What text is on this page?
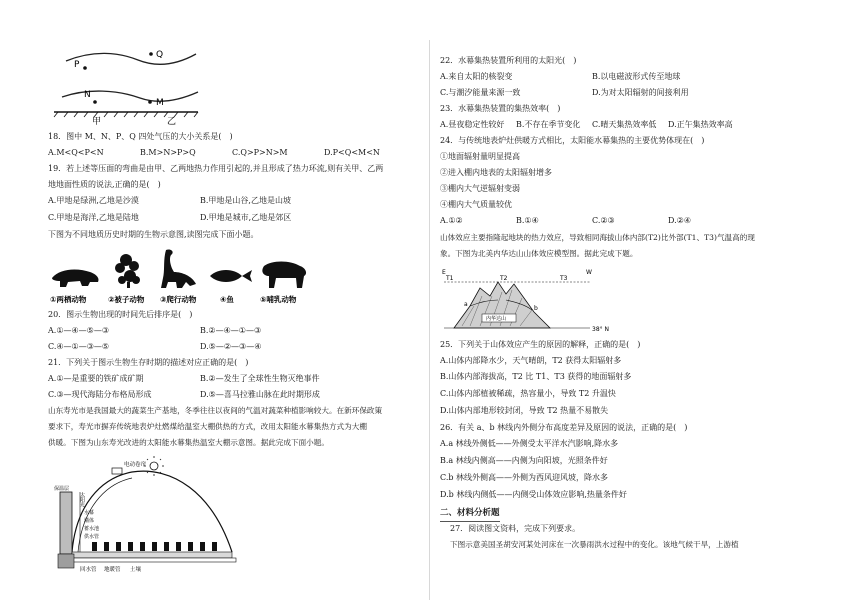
Q
P
N
M
甲	乙
18．图中 M、N、P、Q 四处气压的大小关系是(　)
A.M<Q<P<N	B.M>N>P>Q	C.Q>P>N>M	D.P<Q<M<N
19．若上述等压面的弯曲是由甲、乙两地热力作用引起的,并且形成了热力环流,则有关甲、乙两
地地面性质的说法,正确的是(　)
A.甲地是绿洲,乙地是沙漠	B.甲地是山谷,乙地是山坡
C.甲地是海洋,乙地是陆地	D.甲地是城市,乙地是郊区
下图为不同地质历史时期的生物示意图,读图完成下面小题。
①两栖动物	②被子动物 ③爬行动物	④鱼	⑤哺乳动物
20．图示生物出现的时间先后排序是(　)
A.①—④—⑤—③	B.②—④—①—③
C.④—①—③—⑤	D.⑤—②—③—④
21．下列关于图示生物生存时期的描述对应正确的是(　)
A.①—是重要的铁矿成矿期	B.②—发生了全球性生物灭绝事件
C.③—现代海陆分布格局形成	D.⑤—喜马拉雅山脉在此时期形成
山东寿光市是我国最大的蔬菜生产基地，冬季往往以夜间的气温对蔬菜种植影响较大。在新环保政策
要求下，寿光市摒弃传统地表炉灶燃煤给温室大棚供热的方式，改用太阳能水幕集热方式为大棚
供暖。下图为山东寿光改进的太阳能水幕集热温室大棚示意图。据此完成下面小题。
电动卷帘
太阳光
水幕
墙体
蓄水池
供水管
保温层
回水管 地暖管 土壤
22．水幕集热装置所利用的太阳光(　)
A.来自太阳的核裂变	B.以电磁波形式传至地球
C.与潮汐能量来源一致	D.为对太阳辐射的间接利用
23．水幕集热装置的集热效率(　)
A.昼夜稳定性较好 B.不存在季节变化 C.晴天集热效率低 D.正午集热效率高
24．与传统地表炉灶供暖方式相比，太阳能水幕集热的主要优势体现在(　)
①地面辐射量明显提高
②进入棚内地表的太阳辐射增多
③棚内大气逆辐射变弱
④棚内大气质量较优
A.①②	B.①④	C.②③	D.②④
山体效应主要指隆起地块的热力效应，导致相同海拔山体内部(T2)比外部(T1、T3)气温高的现
象。下图为北美内华达山山体效应模型图。据此完成下题。
E	W
T1	T2	T3
a
b
内华达山
38° N
25．下列关于山体效应产生的原因的解释，正确的是(　)
A.山体内部降水少，天气晴朗，T2 获得太阳辐射多
B.山体内部海拔高，T2 比 T1、T3 获得的地面辐射多
C.山体内部植被稀疏，热容量小，导致 T2 升温快
D.山体内部地形较封闭，导致 T2 热量不易散失
26．有关 a、b 林线内外侧分布高度差异及原因的说法，正确的是(　)
A.a 林线外侧低——外侧受太平洋水汽影响,降水多
B.a 林线内侧高——内侧为向阳坡，光照条件好
C.b 林线外侧高——外侧为西风迎风坡，降水多
D.b 林线内侧低——内侧受山体效应影响,热量条件好
二、材料分析题
27．阅读图文资料，完成下列要求。
下图示意美国圣胡安河某处河床在一次暴雨洪水过程中的变化。该地气候干旱，上游植
